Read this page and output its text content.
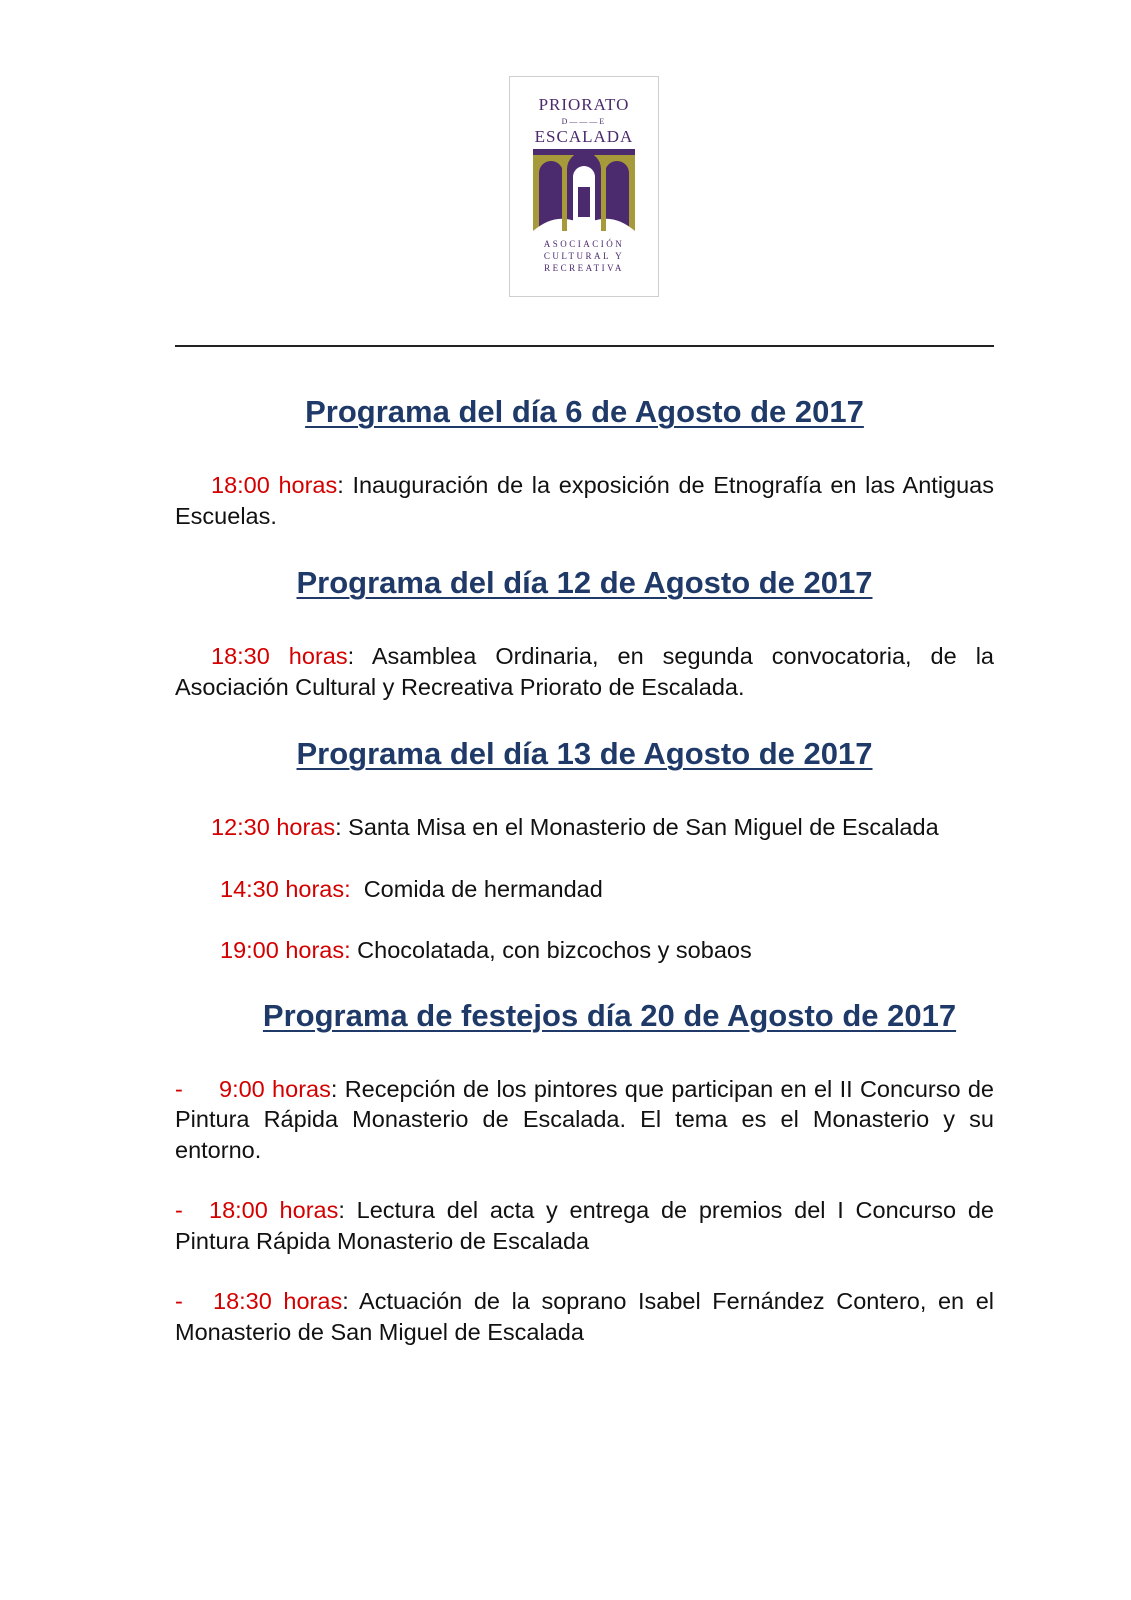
PRIORATO
D———E
ESCALADA
ASOCIACIÓN
CULTURAL Y
RECREATIVA
Programa del día 6 de Agosto de 2017

18:00 horas: Inauguración de la exposición de Etnografía en las Antiguas Escuelas.

Programa del día 12 de Agosto de 2017

18:30 horas: Asamblea Ordinaria, en segunda convocatoria, de la Asociación Cultural y Recreativa Priorato de Escalada.

Programa del día 13 de Agosto de 2017

12:30 horas: Santa Misa en el Monasterio de San Miguel de Escalada

14:30 horas:  Comida de hermandad

19:00 horas: Chocolatada, con bizcochos y sobaos

Programa de festejos día 20 de Agosto de 2017

- 9:00 horas: Recepción de los pintores que participan en el II Concurso de Pintura Rápida Monasterio de Escalada. El tema es el Monasterio y su entorno.

- 18:00 horas: Lectura del acta y entrega de premios del I Concurso de Pintura Rápida Monasterio de Escalada

- 18:30 horas: Actuación de la soprano Isabel Fernández Contero, en el Monasterio de San Miguel de Escalada
